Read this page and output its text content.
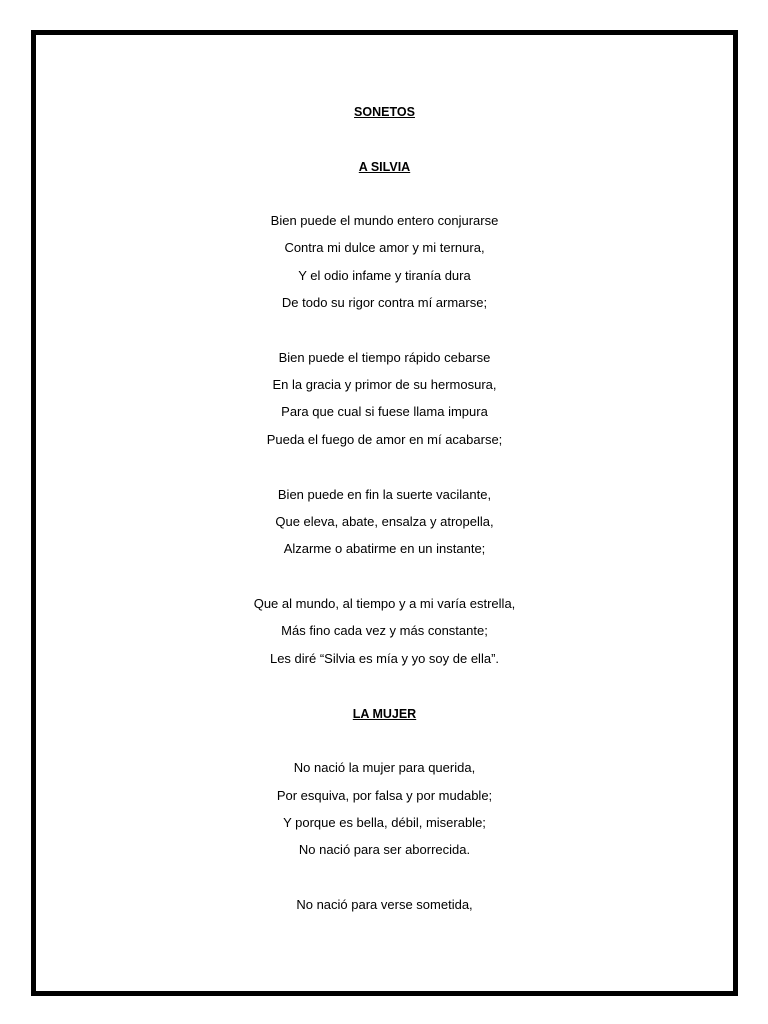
SONETOS
A SILVIA
Bien puede el mundo entero conjurarse
Contra mi dulce amor y mi ternura,
Y el odio infame y tiranía dura
De todo su rigor contra mí armarse;
Bien puede el tiempo rápido cebarse
En la gracia y primor de su hermosura,
Para que cual si fuese llama impura
Pueda el fuego de amor en mí acabarse;
Bien puede en fin la suerte vacilante,
Que eleva, abate, ensalza y atropella,
Alzarme o abatirme en un instante;
Que al mundo, al tiempo y a mi varía estrella,
Más fino cada vez y más constante;
Les diré “Silvia es mía y yo soy de ella”.
LA MUJER
No nació la mujer para querida,
Por esquiva, por falsa y por mudable;
Y porque es bella, débil, miserable;
No nació para ser aborrecida.
No nació para verse sometida,
